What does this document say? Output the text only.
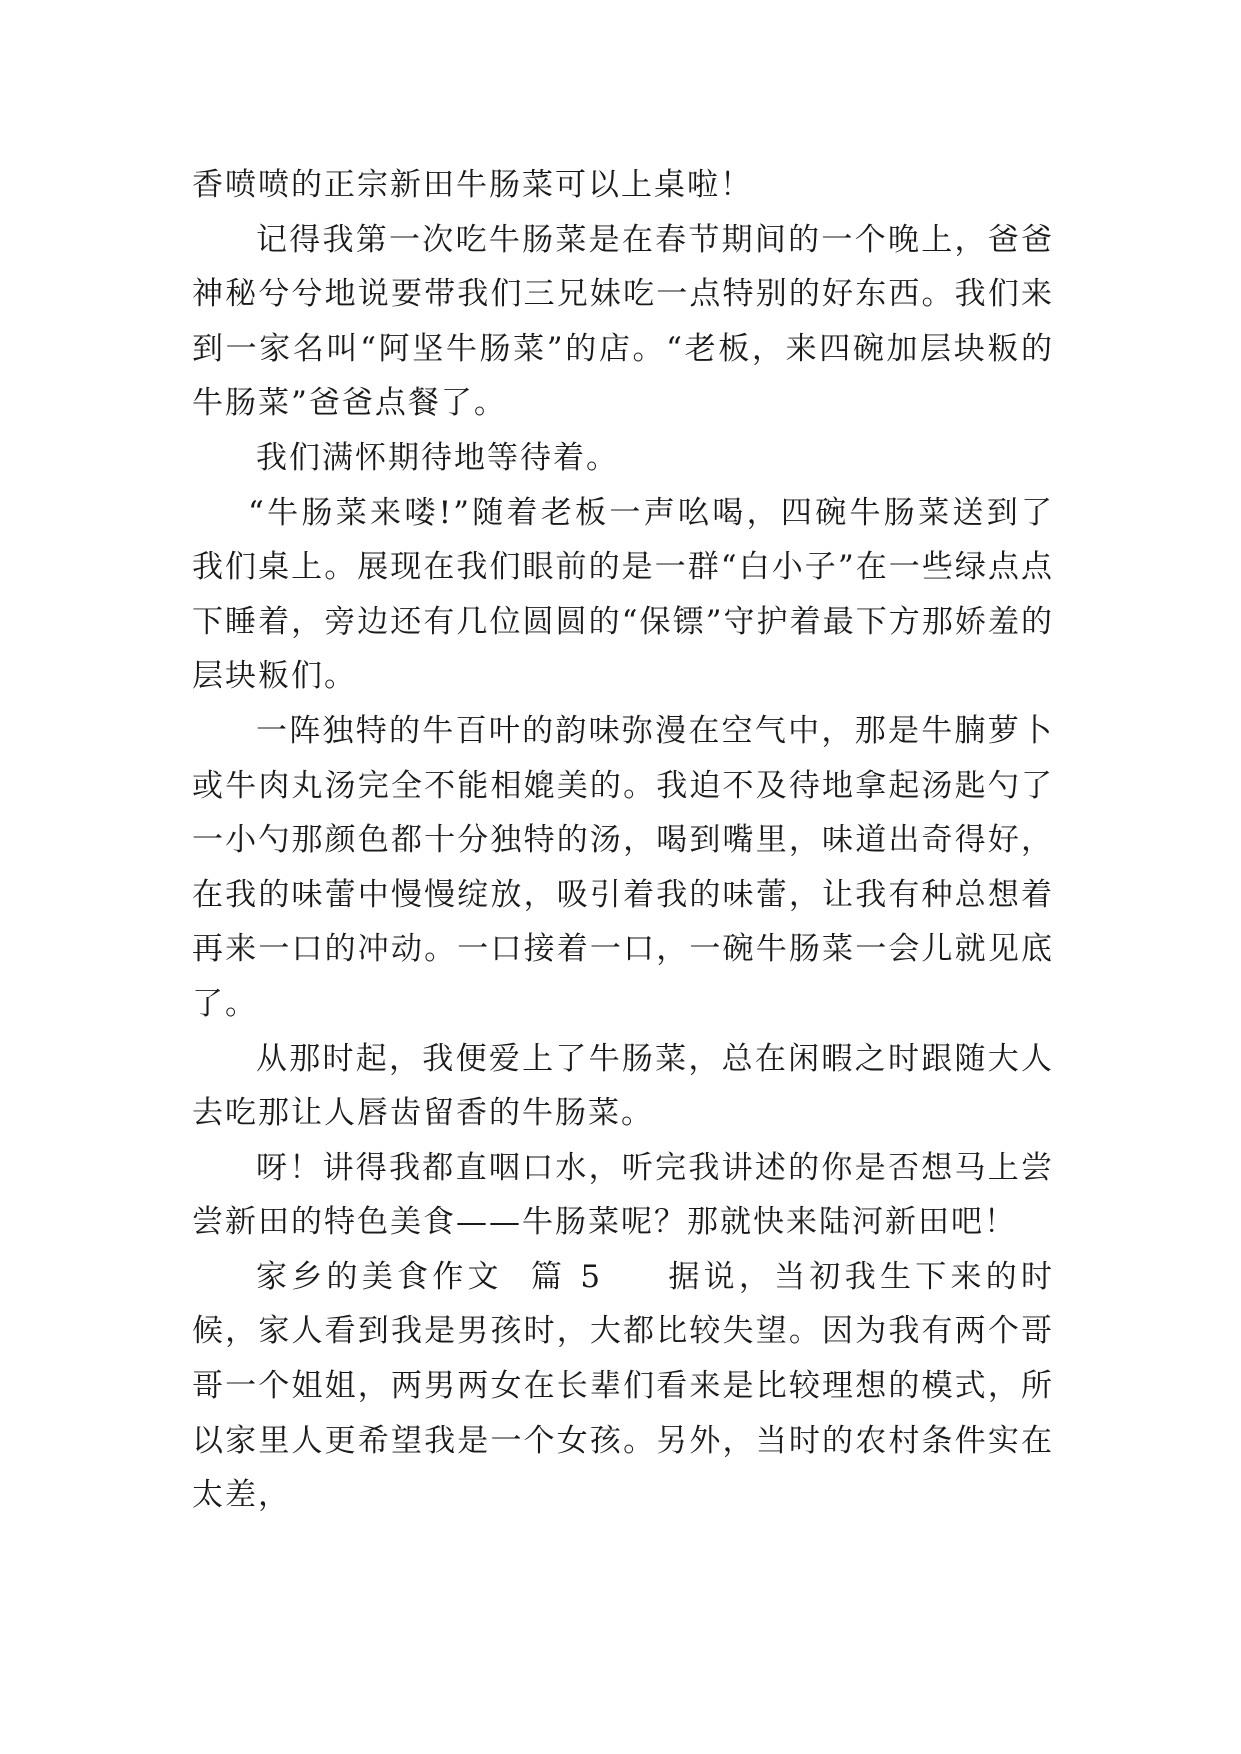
香喷喷的正宗新田牛肠菜可以上桌啦！

记得我第一次吃牛肠菜是在春节期间的一个晚上，爸爸神秘兮兮地说要带我们三兄妹吃一点特别的好东西。我们来到一家名叫“阿坚牛肠菜”的店。“老板，来四碗加层块粄的牛肠菜”爸爸点餐了。

我们满怀期待地等待着。

“牛肠菜来喽!”随着老板一声吆喝，四碗牛肠菜送到了我们桌上。展现在我们眼前的是一群“白小子”在一些绿点点下睡着，旁边还有几位圆圆的“保镖”守护着最下方那娇羞的层块粄们。

一阵独特的牛百叶的韵味弥漫在空气中，那是牛腩萝卜或牛肉丸汤完全不能相媲美的。我迫不及待地拿起汤匙勺了一小勺那颜色都十分独特的汤，喝到嘴里，味道出奇得好，在我的味蕾中慢慢绽放，吸引着我的味蕾，让我有种总想着再来一口的冲动。一口接着一口，一碗牛肠菜一会儿就见底了。

从那时起，我便爱上了牛肠菜，总在闲暇之时跟随大人去吃那让人唇齿留香的牛肠菜。

呀！讲得我都直咽口水，听完我讲述的你是否想马上尝尝新田的特色美食——牛肠菜呢？那就快来陆河新田吧！

家乡的美食作文  篇 5 据说，当初我生下来的时候，家人看到我是男孩时，大都比较失望。因为我有两个哥哥一个姐姐，两男两女在长辈们看来是比较理想的模式，所以家里人更希望我是一个女孩。另外，当时的农村条件实在太差，
